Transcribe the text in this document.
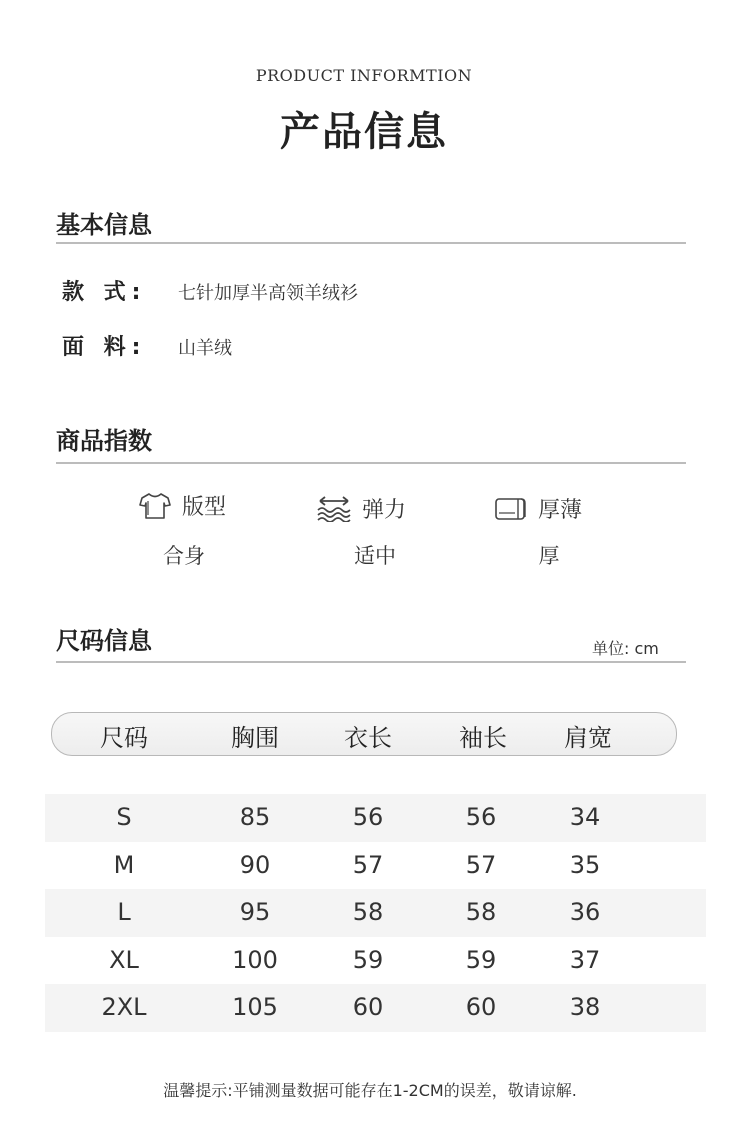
PRODUCT INFORMTION
产品信息
基本信息
款 式: 七针加厚半高领羊绒衫
面 料: 山羊绒
商品指数
版型
合身
弹力
适中
厚薄
厚
尺码信息	单位: cm
尺码	胸围	衣长	袖长	肩宽
S	85	56	56	34
M	90	57	57	35
L	95	58	58	36
XL	100	59	59	37
2XL	105	60	60	38
温馨提示:平铺测量数据可能存在1-2CM的误差，敬请谅解.
